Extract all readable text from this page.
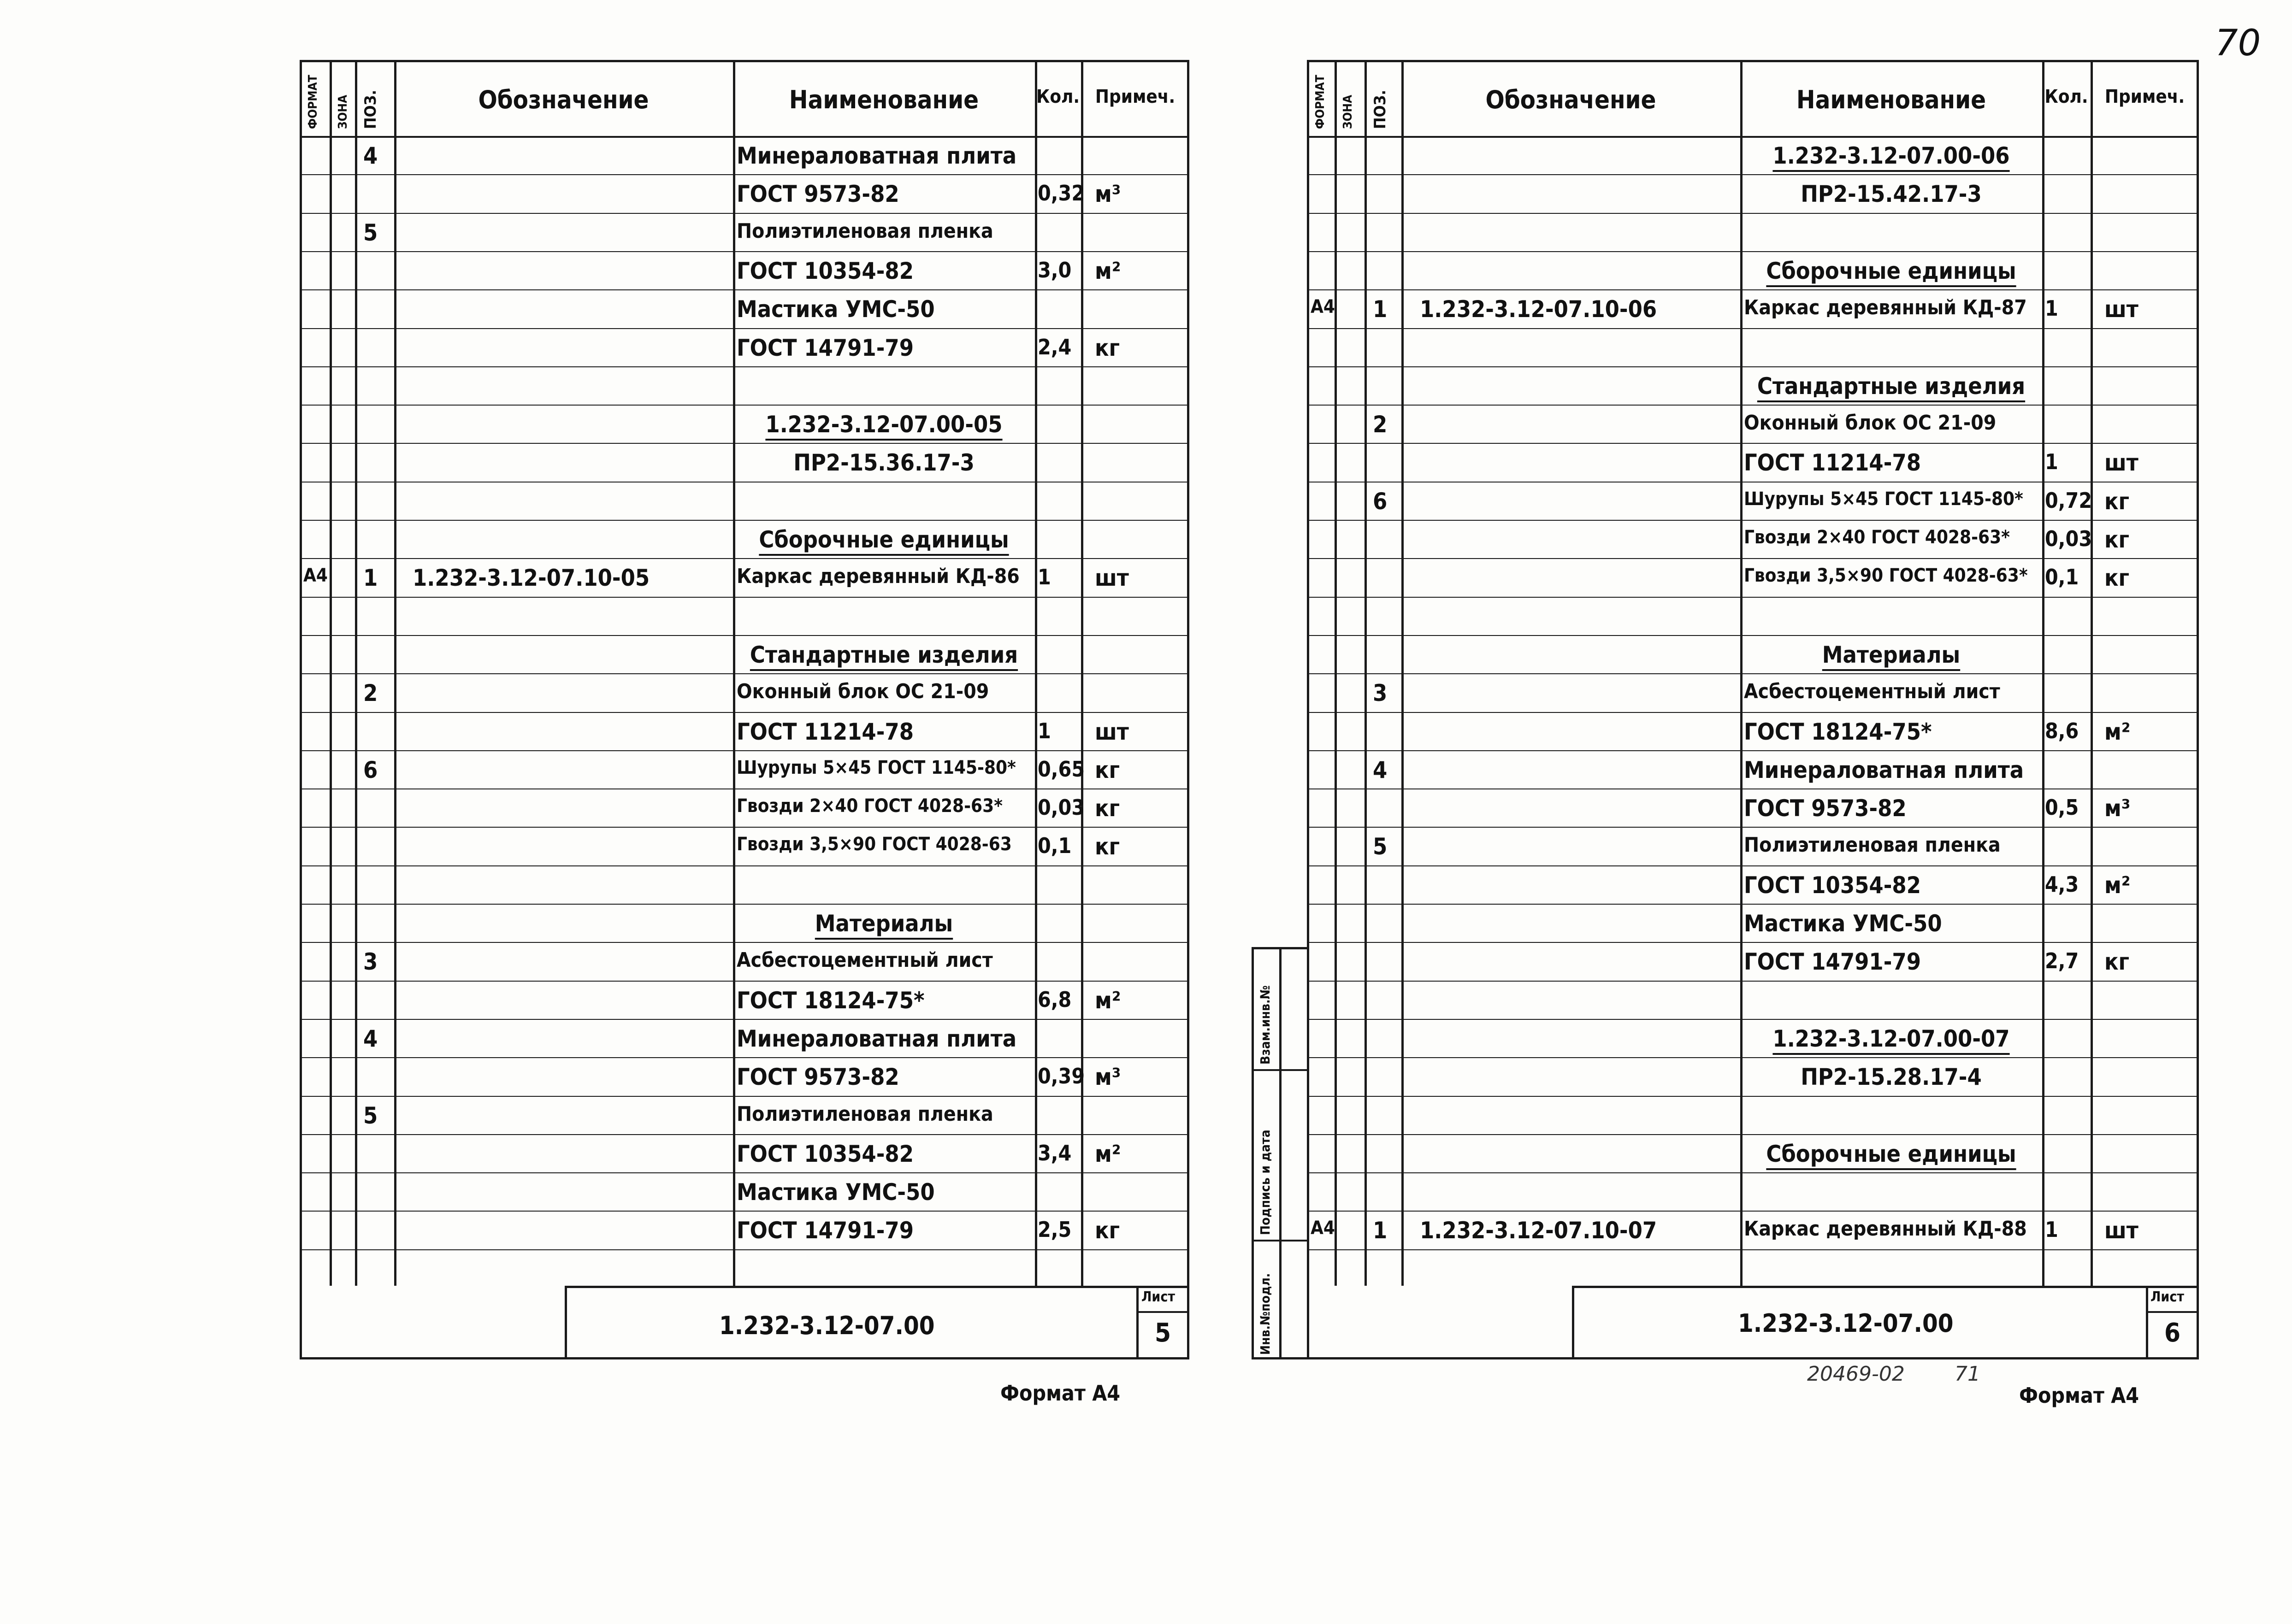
1.232-3.12-07.00
Лист
5
Формат А4
1.232-3.12-07.00
Лист
6
Формат А4
Инв.№подл.
Подпись и дата
Взам.инв.№
70
20469-02 71
ФОРМАТ ЗОНА ПОЗ.	Обозначение	Наименование	Кол. Примеч.
4	Минераловатная плита
ГОСТ 9573-82	0,32 м³
5	Полиэтиленовая пленка
ГОСТ 10354-82	3,0 м²
Мастика УМС-50
ГОСТ 14791-79	2,4 кг
1.232-3.12-07.00-05
ПР2-15.36.17-3
Сборочные единицы
А4 1 1.232-3.12-07.10-05	Каркас деревянный КД-86 1 шт
Стандартные изделия
2	Оконный блок ОС 21-09
ГОСТ 11214-78	1 шт
6	Шурупы 5×45 ГОСТ 1145-80* 0,65 кг
Гвозди 2×40 ГОСТ 4028-63* 0,03 кг
Гвозди 3,5×90 ГОСТ 4028-63 0,1 кг
Материалы
3	Асбестоцементный лист
ГОСТ 18124-75*	6,8 м²
4	Минераловатная плита
ГОСТ 9573-82	0,39 м³
5	Полиэтиленовая пленка
ГОСТ 10354-82	3,4 м²
Мастика УМС-50
ГОСТ 14791-79	2,5 кг
ФОРМАТ ЗОНА ПОЗ.	Обозначение	Наименование	Кол. Примеч.
1.232-3.12-07.00-06
ПР2-15.42.17-3
Сборочные единицы
А4 1 1.232-3.12-07.10-06	Каркас деревянный КД-87 1 шт
Стандартные изделия
2	Оконный блок ОС 21-09
ГОСТ 11214-78	1 шт
6	Шурупы 5×45 ГОСТ 1145-80* 0,72 кг
Гвозди 2×40 ГОСТ 4028-63* 0,03 кг
Гвозди 3,5×90 ГОСТ 4028-63* 0,1 кг
Материалы
3	Асбестоцементный лист
ГОСТ 18124-75*	8,6 м²
4	Минераловатная плита
ГОСТ 9573-82	0,5 м³
5	Полиэтиленовая пленка
ГОСТ 10354-82	4,3 м²
Мастика УМС-50
ГОСТ 14791-79	2,7 кг
1.232-3.12-07.00-07
ПР2-15.28.17-4
Сборочные единицы
А4 1 1.232-3.12-07.10-07	Каркас деревянный КД-88 1 шт
